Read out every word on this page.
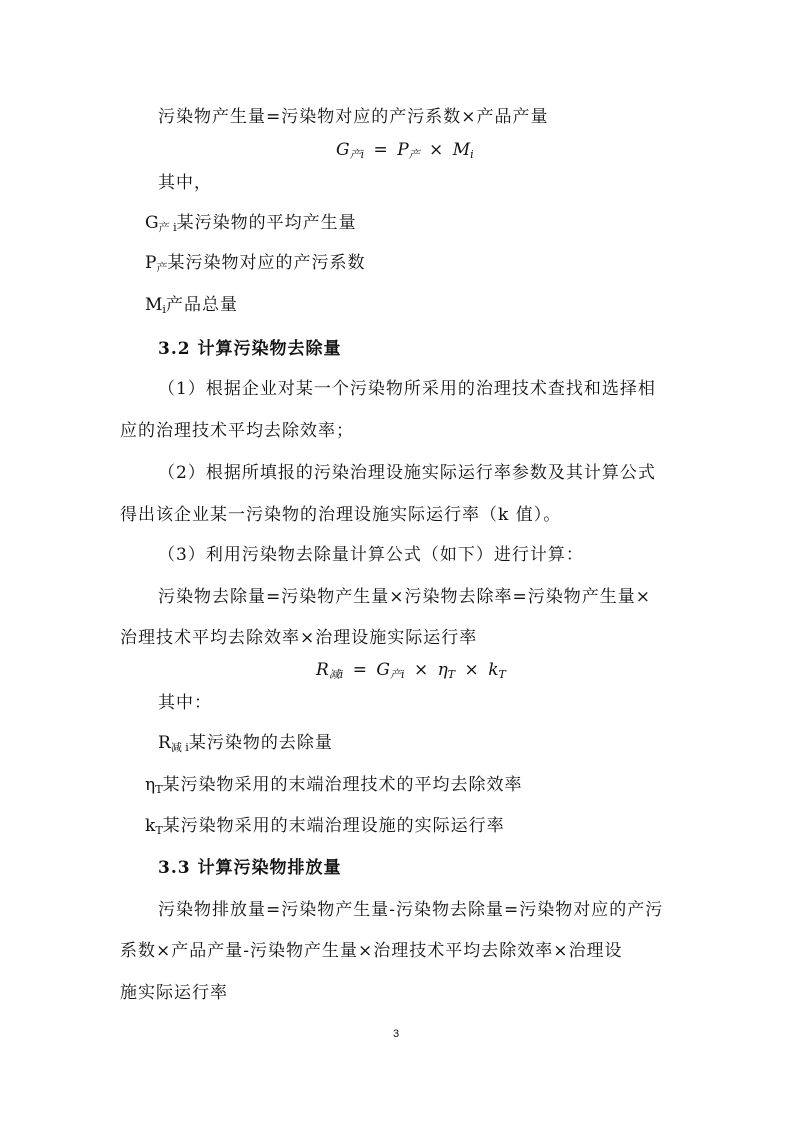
污染物产生量=污染物对应的产污系数×产品产量
$G_{产i} = P_产 \times M_i$
其中，
$G_{产 i}$某污染物的平均产生量
$P_产$某污染物对应的产污系数
$M_i$产品总量
3.2 计算污染物去除量
（1）根据企业对某一个污染物所采用的治理技术查找和选择相
应的治理技术平均去除效率；
（2）根据所填报的污染治理设施实际运行率参数及其计算公式
得出该企业某一污染物的治理设施实际运行率（k 值）。
（3）利用污染物去除量计算公式（如下）进行计算：
污染物去除量=污染物产生量×污染物去除率=污染物产生量×
治理技术平均去除效率×治理设施实际运行率
$R_{减i} = G_{产i} \times \eta_T \times k_T$
其中：
$R_{减 i}$某污染物的去除量
$\eta_T$某污染物采用的末端治理技术的平均去除效率
$k_T$某污染物采用的末端治理设施的实际运行率
3.3 计算污染物排放量
污染物排放量=污染物产生量-污染物去除量=污染物对应的产污
系数×产品产量-污染物产生量×治理技术平均去除效率×治理设
施实际运行率
3
